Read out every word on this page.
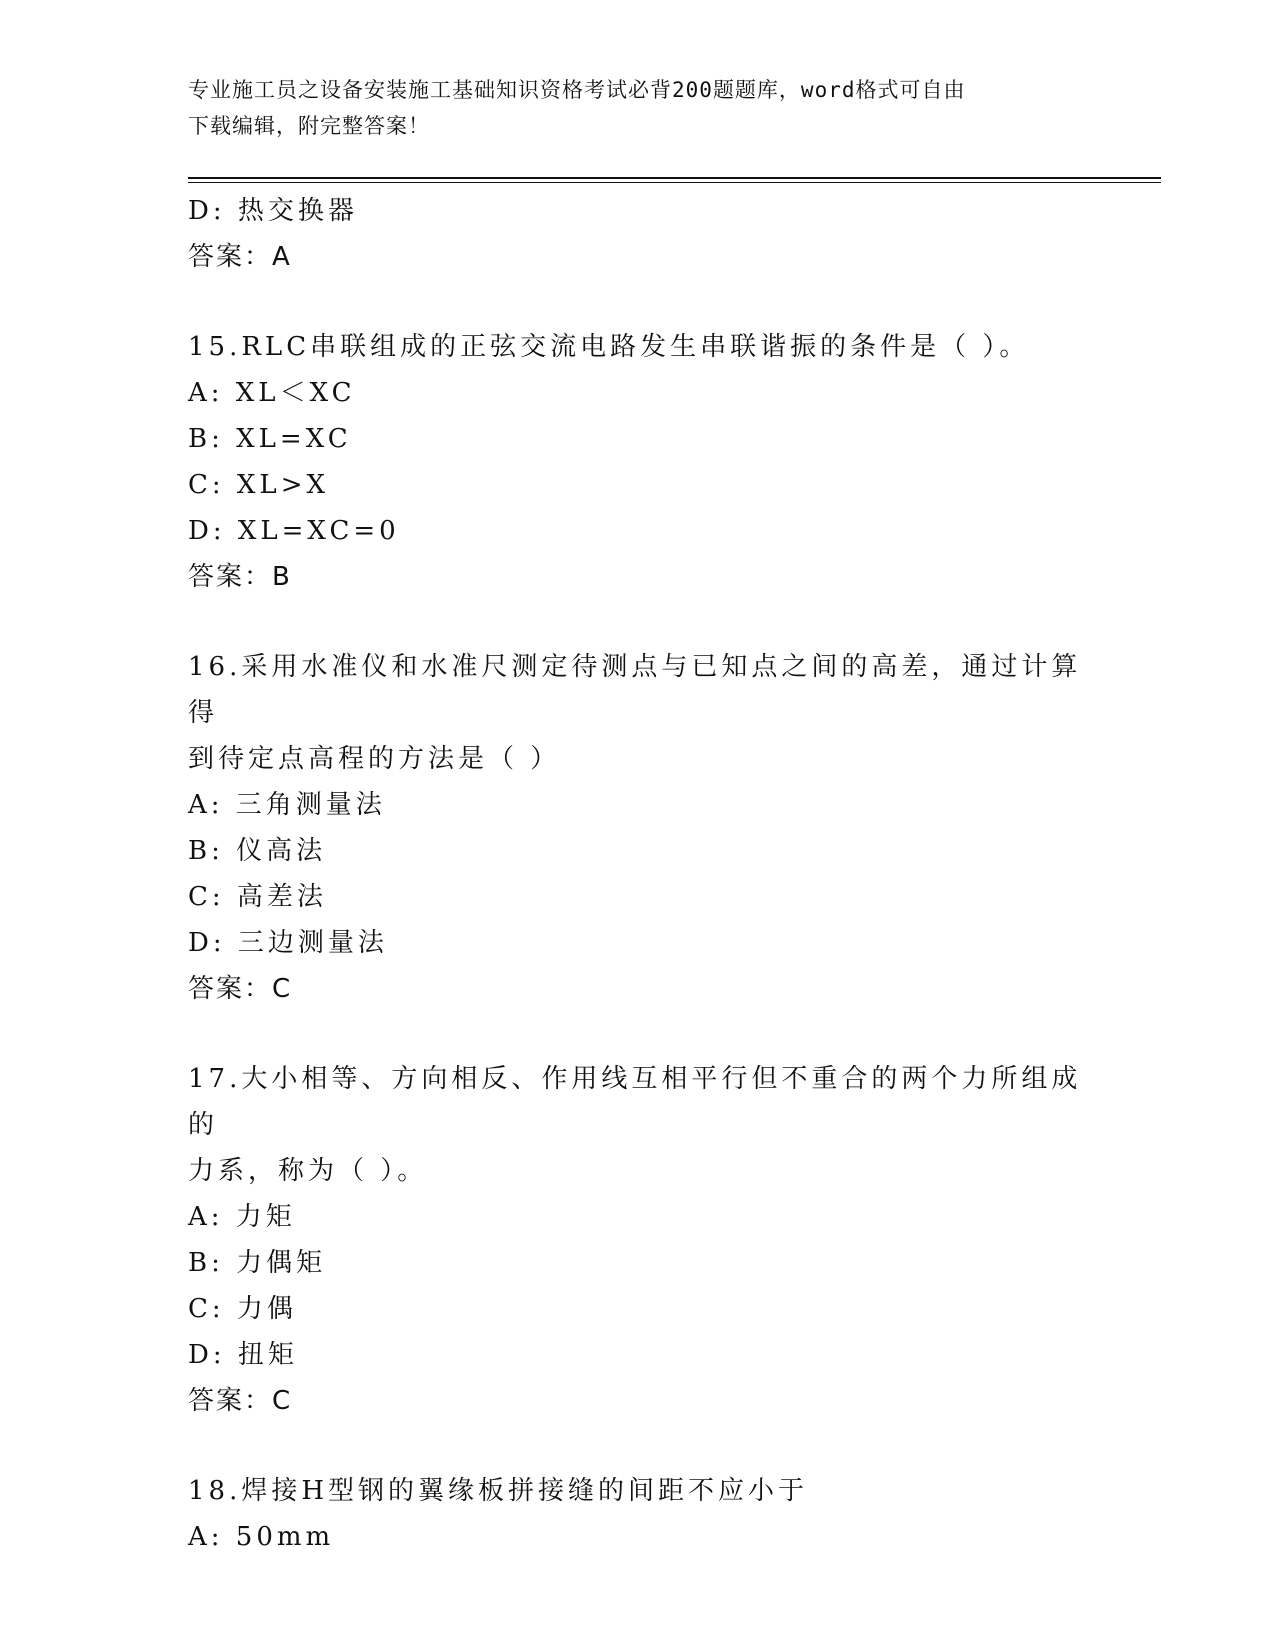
专业施工员之设备安装施工基础知识资格考试必背200题题库，word格式可自由
下载编辑，附完整答案！
D: 热交换器
答案：A
15.RLC串联组成的正弦交流电路发生串联谐振的条件是（ ）。
A: XL＜XC
B: XL=XC
C: XL>X
D: XL=XC=0
答案：B
16.采用水准仪和水准尺测定待测点与已知点之间的高差，通过计算得
到待定点高程的方法是（ ）
A: 三角测量法
B: 仪高法
C: 高差法
D: 三边测量法
答案：C
17.大小相等、方向相反、作用线互相平行但不重合的两个力所组成的
力系，称为（ ）。
A: 力矩
B: 力偶矩
C: 力偶
D: 扭矩
答案：C
18.焊接H型钢的翼缘板拼接缝的间距不应小于
A: 50mm
